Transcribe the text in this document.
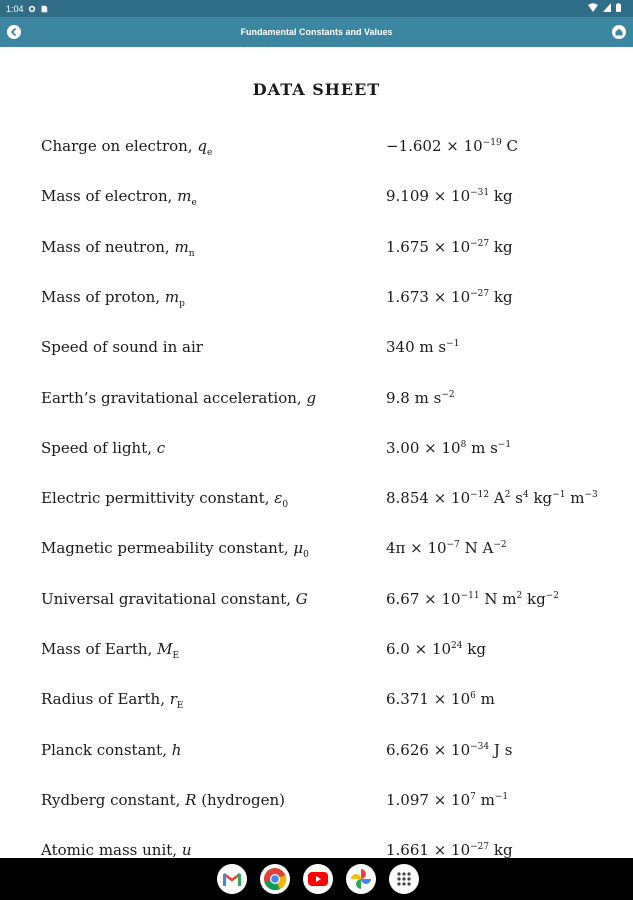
1:04
Fundamental Constants and Values
DATA SHEET
Charge on electron, $q_e$	$-1.602 \times 10^{-19}$ C
Mass of electron, $m_e$	$9.109 \times 10^{-31}$ kg
Mass of neutron, $m_n$	$1.675 \times 10^{-27}$ kg
Mass of proton, $m_p$	$1.673 \times 10^{-27}$ kg
Speed of sound in air	340 m $s^{-1}$
Earth’s gravitational acceleration, g	9.8 m $s^{-2}$
Speed of light, c	$3.00 \times 10^8$ m $s^{-1}$
Electric permittivity constant, $\varepsilon_0$	$8.854 \times 10^{-12}$ $A^2$ $s^4$ $kg^{-1}$ $m^{-3}$
Magnetic permeability constant, $\mu_0$	$4\pi \times 10^{-7}$ N $A^{-2}$
Universal gravitational constant, G	$6.67 \times 10^{-11}$ N $m^2$ $kg^{-2}$
Mass of Earth, $M_E$	$6.0 \times 10^{24}$ kg
Radius of Earth, $r_E$	$6.371 \times 10^6$ m
Planck constant, h	$6.626 \times 10^{-34}$ J s
Rydberg constant, R (hydrogen)	$1.097 \times 10^7$ $m^{-1}$
Atomic mass unit, u	$1.661 \times 10^{-27}$ kg
